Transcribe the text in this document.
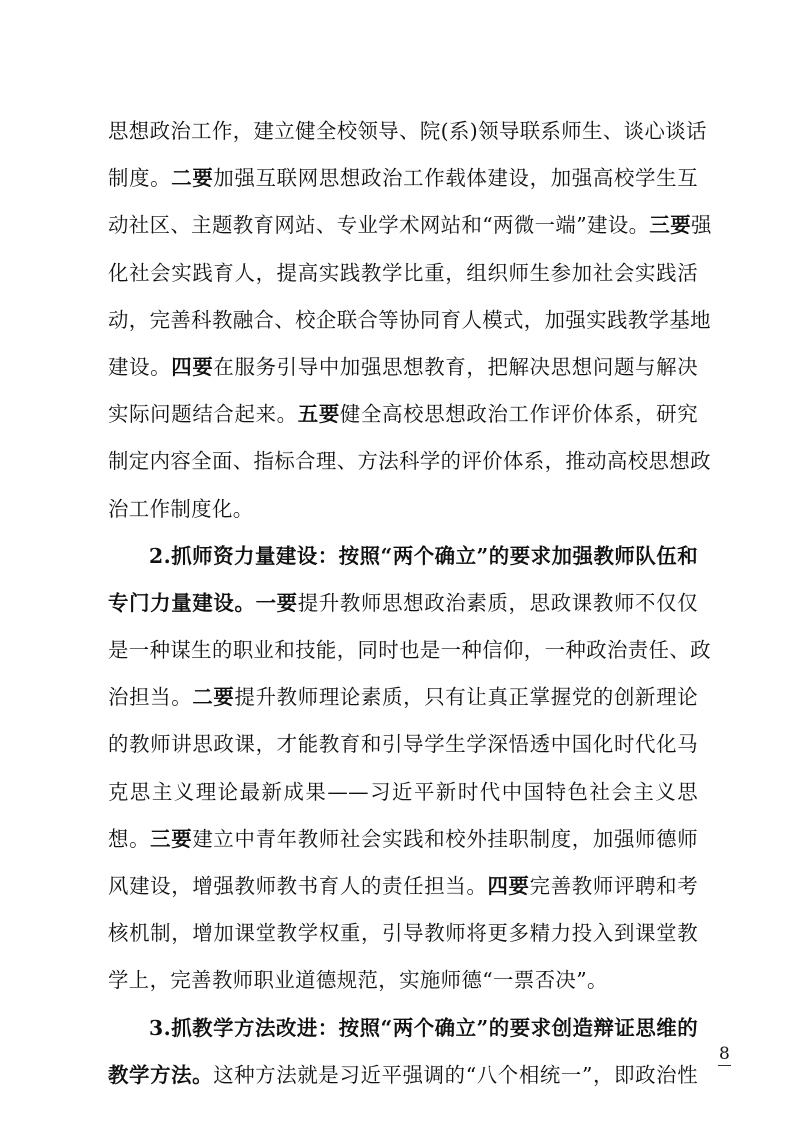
思想政治工作，建立健全校领导、院(系)领导联系师生、谈心谈话
制度。二要加强互联网思想政治工作载体建设，加强高校学生互
动社区、主题教育网站、专业学术网站和“两微一端”建设。三要强
化社会实践育人，提高实践教学比重，组织师生参加社会实践活
动，完善科教融合、校企联合等协同育人模式，加强实践教学基地
建设。四要在服务引导中加强思想教育，把解决思想问题与解决
实际问题结合起来。五要健全高校思想政治工作评价体系，研究
制定内容全面、指标合理、方法科学的评价体系，推动高校思想政
治工作制度化。
2.抓师资力量建设：按照“两个确立”的要求加强教师队伍和
专门力量建设。一要提升教师思想政治素质，思政课教师不仅仅
是一种谋生的职业和技能，同时也是一种信仰，一种政治责任、政
治担当。二要提升教师理论素质，只有让真正掌握党的创新理论
的教师讲思政课，才能教育和引导学生学深悟透中国化时代化马
克思主义理论最新成果——习近平新时代中国特色社会主义思
想。三要建立中青年教师社会实践和校外挂职制度，加强师德师
风建设，增强教师教书育人的责任担当。四要完善教师评聘和考
核机制，增加课堂教学权重，引导教师将更多精力投入到课堂教
学上，完善教师职业道德规范，实施师德“一票否决”。
3.抓教学方法改进：按照“两个确立”的要求创造辩证思维的
教学方法。这种方法就是习近平强调的“八个相统一”，即政治性
8
